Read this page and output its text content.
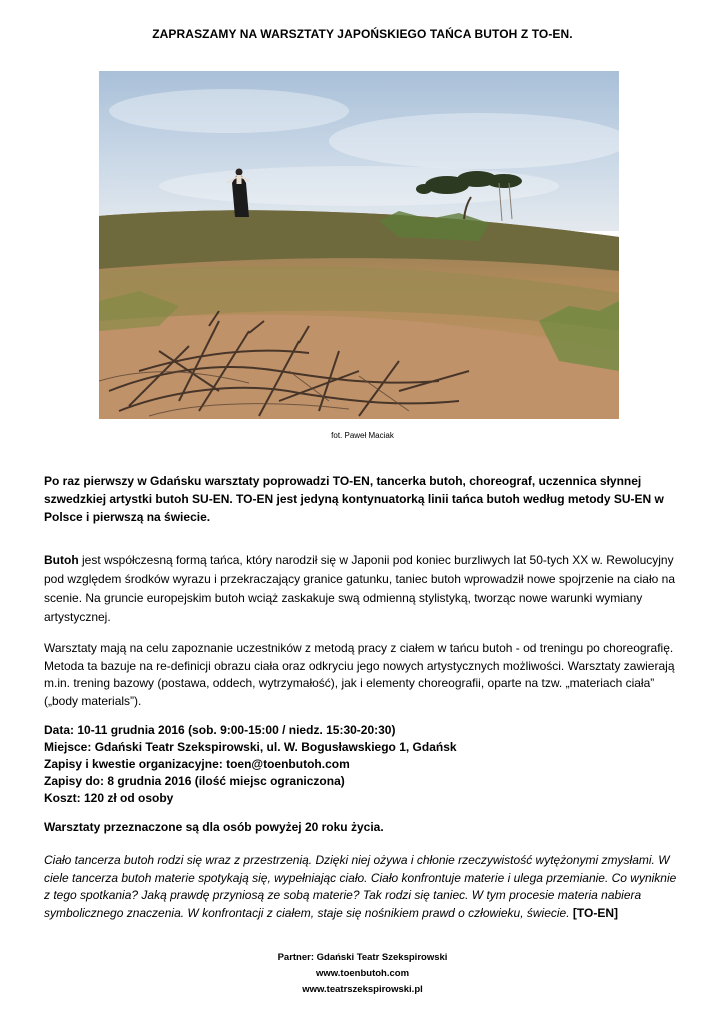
ZAPRASZAMY NA WARSZTATY JAPOŃSKIEGO TAŃCA BUTOH Z TO-EN.
fot. Paweł Maciak
Po raz pierwszy w Gdańsku warsztaty poprowadzi TO-EN, tancerka butoh, choreograf, uczennica słynnej szwedzkiej artystki butoh SU-EN. TO-EN jest jedyną kontynuatorką linii tańca butoh według metody SU-EN w Polsce i pierwszą na świecie.
Butoh jest współczesną formą tańca, który narodził się w Japonii pod koniec burzliwych lat 50-tych XX w. Rewolucyjny pod względem środków wyrazu i przekraczający granice gatunku, taniec butoh wprowadził nowe spojrzenie na ciało na scenie. Na gruncie europejskim butoh wciąż zaskakuje swą odmienną stylistyką, tworząc nowe warunki wymiany artystycznej.
Warsztaty mają na celu zapoznanie uczestników z metodą pracy z ciałem w tańcu butoh - od treningu po choreografię. Metoda ta bazuje na re-definicji obrazu ciała oraz odkryciu jego nowych artystycznych możliwości. Warsztaty zawierają m.in. trening bazowy (postawa, oddech, wytrzymałość), jak i elementy choreografii, oparte na tzw. „materiach ciała” („body materials”).
Data: 10-11 grudnia 2016 (sob. 9:00-15:00 / niedz. 15:30-20:30)
Miejsce: Gdański Teatr Szekspirowski, ul. W. Bogusławskiego 1, Gdańsk
Zapisy i kwestie organizacyjne: toen@toenbutoh.com
Zapisy do: 8 grudnia 2016 (ilość miejsc ograniczona)
Koszt: 120 zł od osoby
Warsztaty przeznaczone są dla osób powyżej 20 roku życia.
Ciało tancerza butoh rodzi się wraz z przestrzenią. Dzięki niej ożywa i chłonie rzeczywistość wytężonymi zmysłami. W ciele tancerza butoh materie spotykają się, wypełniając ciało. Ciało konfrontuje materie i ulega przemianie. Co wyniknie z tego spotkania? Jaką prawdę przyniosą ze sobą materie? Tak rodzi się taniec. W tym procesie materia nabiera symbolicznego znaczenia. W konfrontacji z ciałem, staje się nośnikiem prawd o człowieku, świecie. [TO-EN]
Partner: Gdański Teatr Szekspirowski
www.toenbutoh.com
www.teatrszekspirowski.pl
